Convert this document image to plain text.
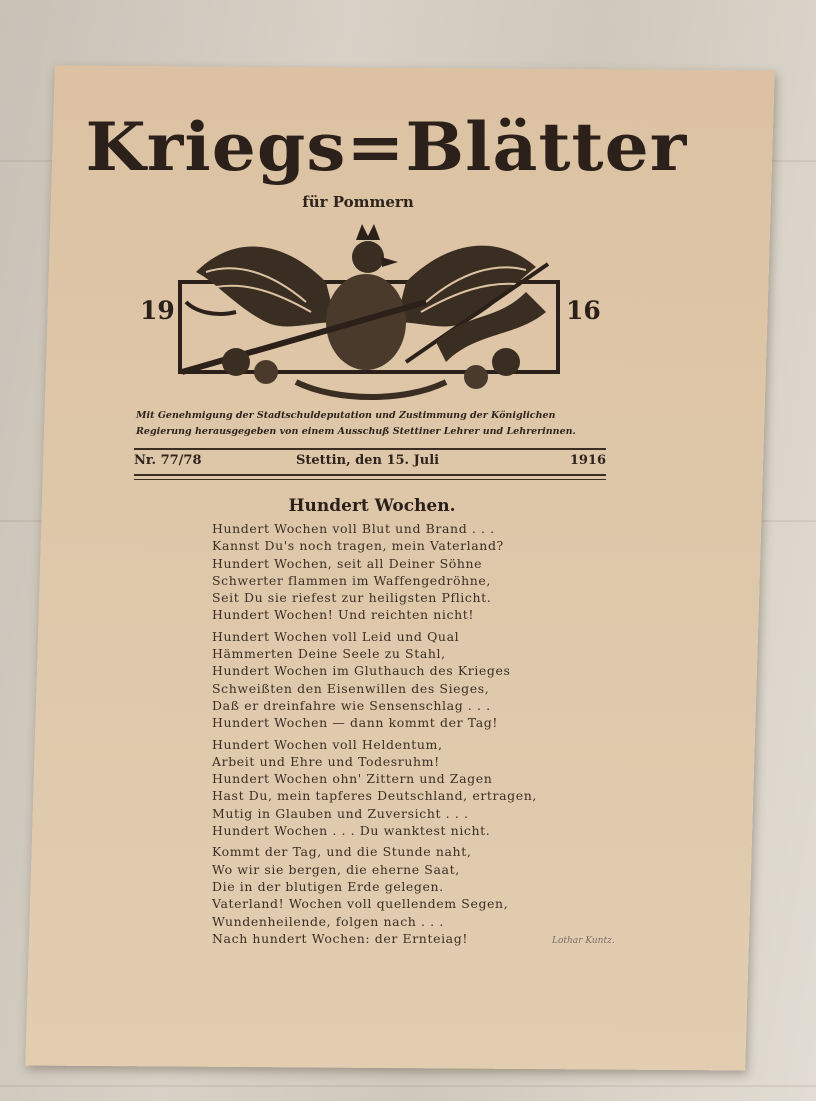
Kriegs=Blätter
für Pommern
19	16
Mit Genehmigung der Stadtschuldeputation und Zustimmung der Königlichen
Regierung herausgegeben von einem Ausschuß Stettiner Lehrer und Lehrerinnen.
Nr. 77/78	Stettin, den 15. Juli	1916
Hundert Wochen.
Hundert Wochen voll Blut und Brand . . .
Kannst Du's noch tragen, mein Vaterland?
Hundert Wochen, seit all Deiner Söhne
Schwerter flammen im Waffengedröhne,
Seit Du sie riefest zur heiligsten Pflicht.
Hundert Wochen! Und reichten nicht!
Hundert Wochen voll Leid und Qual
Hämmerten Deine Seele zu Stahl,
Hundert Wochen im Gluthauch des Krieges
Schweißten den Eisenwillen des Sieges,
Daß er dreinfahre wie Sensenschlag . . .
Hundert Wochen — dann kommt der Tag!
Hundert Wochen voll Heldentum,
Arbeit und Ehre und Todesruhm!
Hundert Wochen ohn' Zittern und Zagen
Hast Du, mein tapferes Deutschland, ertragen,
Mutig in Glauben und Zuversicht . . .
Hundert Wochen . . . Du wanktest nicht.
Kommt der Tag, und die Stunde naht,
Wo wir sie bergen, die eherne Saat,
Die in der blutigen Erde gelegen.
Vaterland! Wochen voll quellendem Segen,
Wundenheilende, folgen nach . . .
Nach hundert Wochen: der Ernteiag!	Lothar Kuntz.
